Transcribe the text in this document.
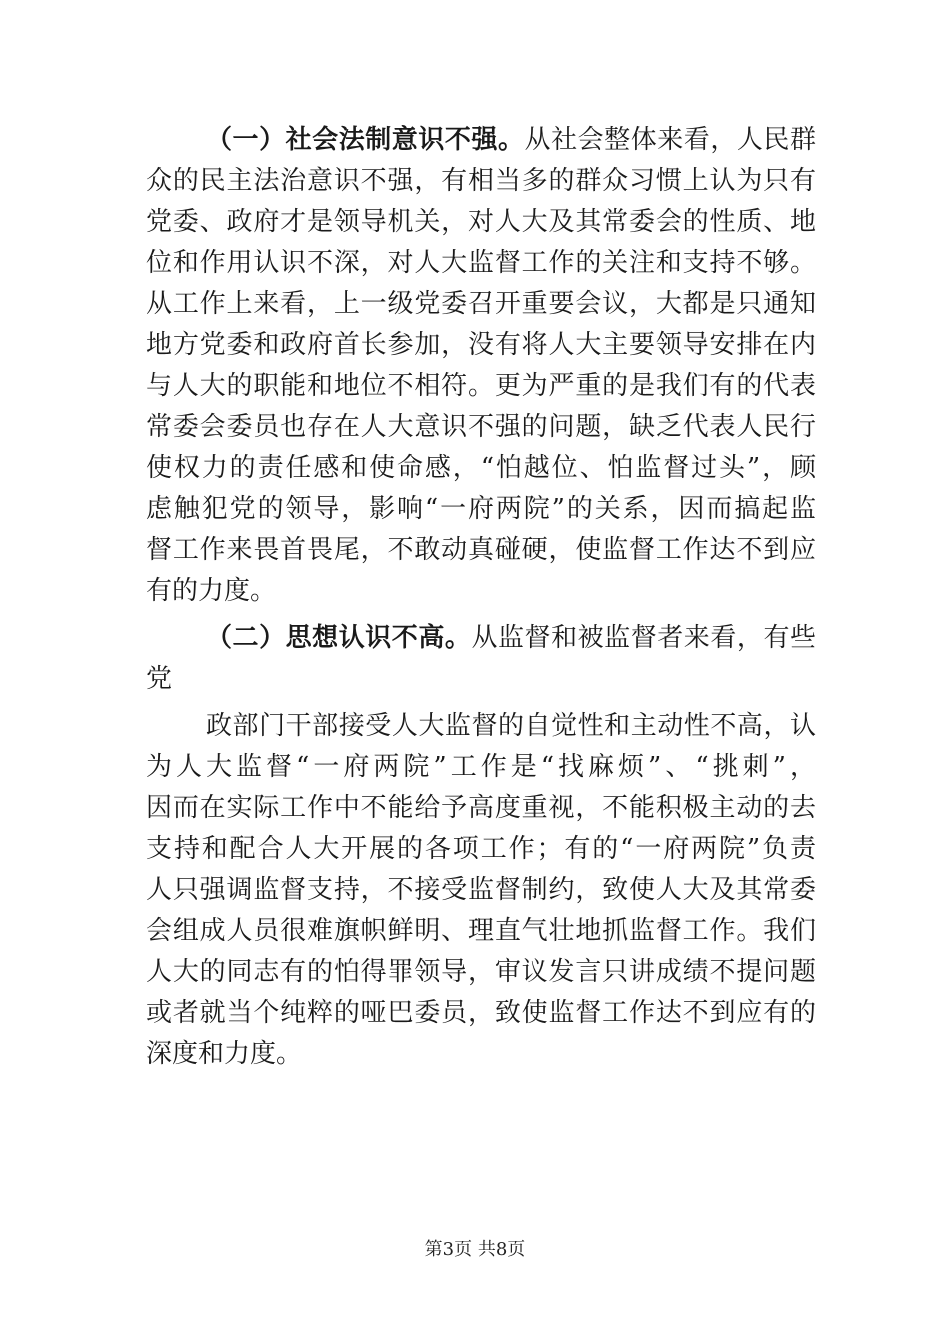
（一）社会法制意识不强。从社会整体来看，人民群
众的民主法治意识不强，有相当多的群众习惯上认为只有
党委、政府才是领导机关，对人大及其常委会的性质、地
位和作用认识不深，对人大监督工作的关注和支持不够。
从工作上来看，上一级党委召开重要会议，大都是只通知
地方党委和政府首长参加，没有将人大主要领导安排在内
与人大的职能和地位不相符。更为严重的是我们有的代表
常委会委员也存在人大意识不强的问题，缺乏代表人民行
使权力的责任感和使命感，“怕越位、怕监督过头”，顾
虑触犯党的领导，影响“一府两院”的关系，因而搞起监
督工作来畏首畏尾，不敢动真碰硬，使监督工作达不到应
有的力度。
（二）思想认识不高。从监督和被监督者来看，有些
党
政部门干部接受人大监督的自觉性和主动性不高，认
为人大监督“一府两院”工作是“找麻烦”、“挑刺”，
因而在实际工作中不能给予高度重视，不能积极主动的去
支持和配合人大开展的各项工作；有的“一府两院”负责
人只强调监督支持，不接受监督制约，致使人大及其常委
会组成人员很难旗帜鲜明、理直气壮地抓监督工作。我们
人大的同志有的怕得罪领导，审议发言只讲成绩不提问题
或者就当个纯粹的哑巴委员，致使监督工作达不到应有的
深度和力度。
第3页 共8页
